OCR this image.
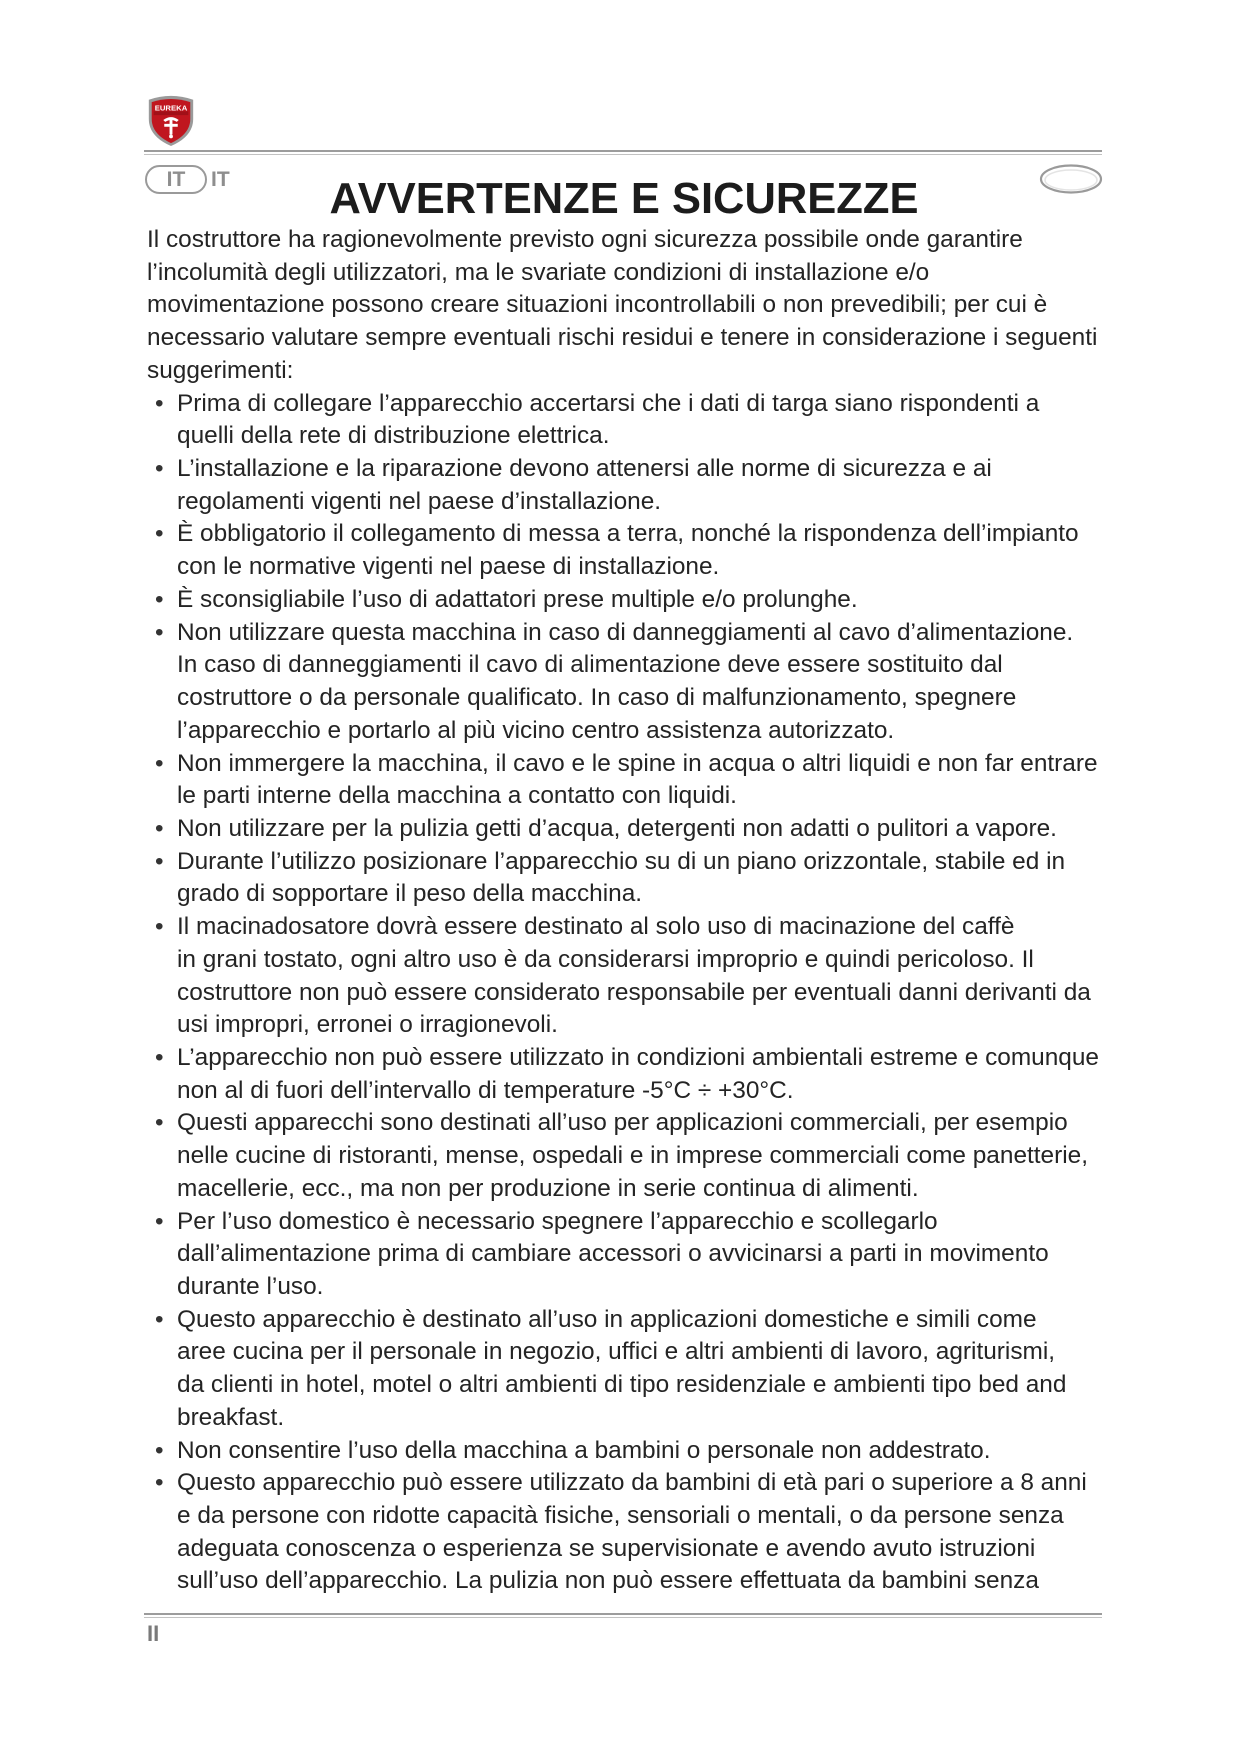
EUREKA
IT	IT	AVVERTENZE E SICUREZZE
Il costruttore ha ragionevolmente previsto ogni sicurezza possibile onde garantire
l’incolumità degli utilizzatori, ma le svariate condizioni di installazione e/o
movimentazione possono creare situazioni incontrollabili o non prevedibili; per cui è
necessario valutare sempre eventuali rischi residui e tenere in considerazione i seguenti
suggerimenti:
• Prima di collegare l’apparecchio accertarsi che i dati di targa siano rispondenti a
quelli della rete di distribuzione elettrica.
• L’installazione e la riparazione devono attenersi alle norme di sicurezza e ai
regolamenti vigenti nel paese d’installazione.
• È obbligatorio il collegamento di messa a terra, nonché la rispondenza dell’impianto
con le normative vigenti nel paese di installazione.
• È sconsigliabile l’uso di adattatori prese multiple e/o prolunghe.
• Non utilizzare questa macchina in caso di danneggiamenti al cavo d’alimentazione.
In caso di danneggiamenti il cavo di alimentazione deve essere sostituito dal
costruttore o da personale qualificato. In caso di malfunzionamento, spegnere
l’apparecchio e portarlo al più vicino centro assistenza autorizzato.
• Non immergere la macchina, il cavo e le spine in acqua o altri liquidi e non far entrare
le parti interne della macchina a contatto con liquidi.
• Non utilizzare per la pulizia getti d’acqua, detergenti non adatti o pulitori a vapore.
• Durante l’utilizzo posizionare l’apparecchio su di un piano orizzontale, stabile ed in
grado di sopportare il peso della macchina.
• Il macinadosatore dovrà essere destinato al solo uso di macinazione del caffè
in grani tostato, ogni altro uso è da considerarsi improprio e quindi pericoloso. Il
costruttore non può essere considerato responsabile per eventuali danni derivanti da
usi impropri, erronei o irragionevoli.
• L’apparecchio non può essere utilizzato in condizioni ambientali estreme e comunque
non al di fuori dell’intervallo di temperature -5°C ÷ +30°C.
• Questi apparecchi sono destinati all’uso per applicazioni commerciali, per esempio
nelle cucine di ristoranti, mense, ospedali e in imprese commerciali come panetterie,
macellerie, ecc., ma non per produzione in serie continua di alimenti.
• Per l’uso domestico è necessario spegnere l’apparecchio e scollegarlo
dall’alimentazione prima di cambiare accessori o avvicinarsi a parti in movimento
durante l’uso.
• Questo apparecchio è destinato all’uso in applicazioni domestiche e simili come
aree cucina per il personale in negozio, uffici e altri ambienti di lavoro, agriturismi,
da clienti in hotel, motel o altri ambienti di tipo residenziale e ambienti tipo bed and
breakfast.
• Non consentire l’uso della macchina a bambini o personale non addestrato.
• Questo apparecchio può essere utilizzato da bambini di età pari o superiore a 8 anni
e da persone con ridotte capacità fisiche, sensoriali o mentali, o da persone senza
adeguata conoscenza o esperienza se supervisionate e avendo avuto istruzioni
sull’uso dell’apparecchio. La pulizia non può essere effettuata da bambini senza
II
